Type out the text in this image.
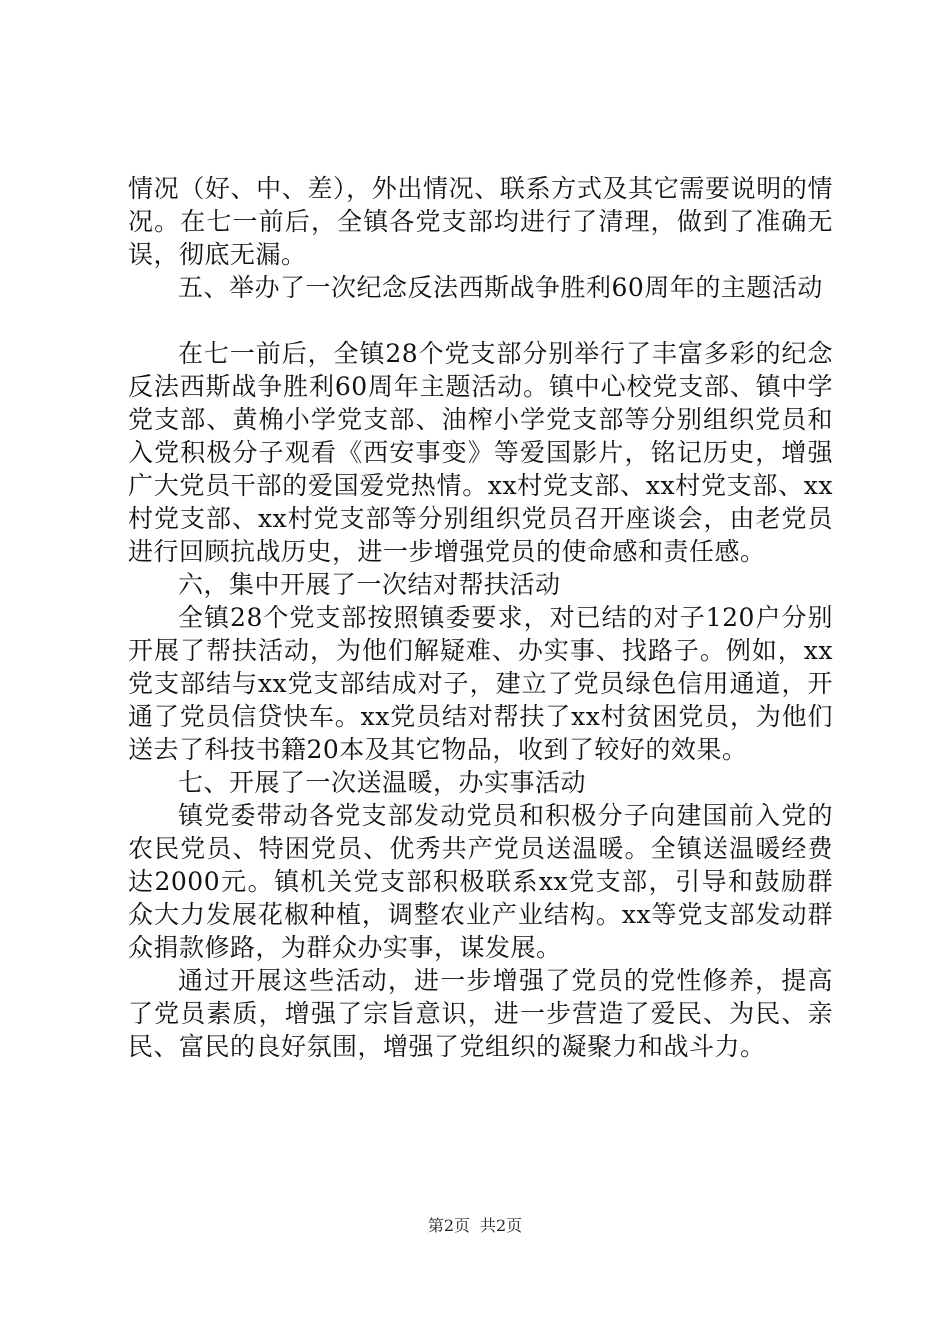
情况（好、中、差），外出情况、联系方式及其它需要说明的情况。在七一前后，全镇各党支部均进行了清理，做到了准确无误，彻底无漏。

五、举办了一次纪念反法西斯战争胜利60周年的主题活动

在七一前后，全镇28个党支部分别举行了丰富多彩的纪念反法西斯战争胜利60周年主题活动。镇中心校党支部、镇中学党支部、黄桷小学党支部、油榨小学党支部等分别组织党员和入党积极分子观看《西安事变》等爱国影片，铭记历史，增强广大党员干部的爱国爱党热情。xx村党支部、xx村党支部、xx村党支部、xx村党支部等分别组织党员召开座谈会，由老党员进行回顾抗战历史，进一步增强党员的使命感和责任感。

六，集中开展了一次结对帮扶活动

全镇28个党支部按照镇委要求，对已结的对子120户分别开展了帮扶活动，为他们解疑难、办实事、找路子。例如，xx党支部结与xx党支部结成对子，建立了党员绿色信用通道，开通了党员信贷快车。xx党员结对帮扶了xx村贫困党员，为他们送去了科技书籍20本及其它物品，收到了较好的效果。

七、开展了一次送温暖，办实事活动

镇党委带动各党支部发动党员和积极分子向建国前入党的农民党员、特困党员、优秀共产党员送温暖。全镇送温暖经费达2000元。镇机关党支部积极联系xx党支部，引导和鼓励群众大力发展花椒种植，调整农业产业结构。xx等党支部发动群众捐款修路，为群众办实事，谋发展。

通过开展这些活动，进一步增强了党员的党性修养，提高了党员素质，增强了宗旨意识，进一步营造了爱民、为民、亲民、富民的良好氛围，增强了党组织的凝聚力和战斗力。

第2页 共2页
